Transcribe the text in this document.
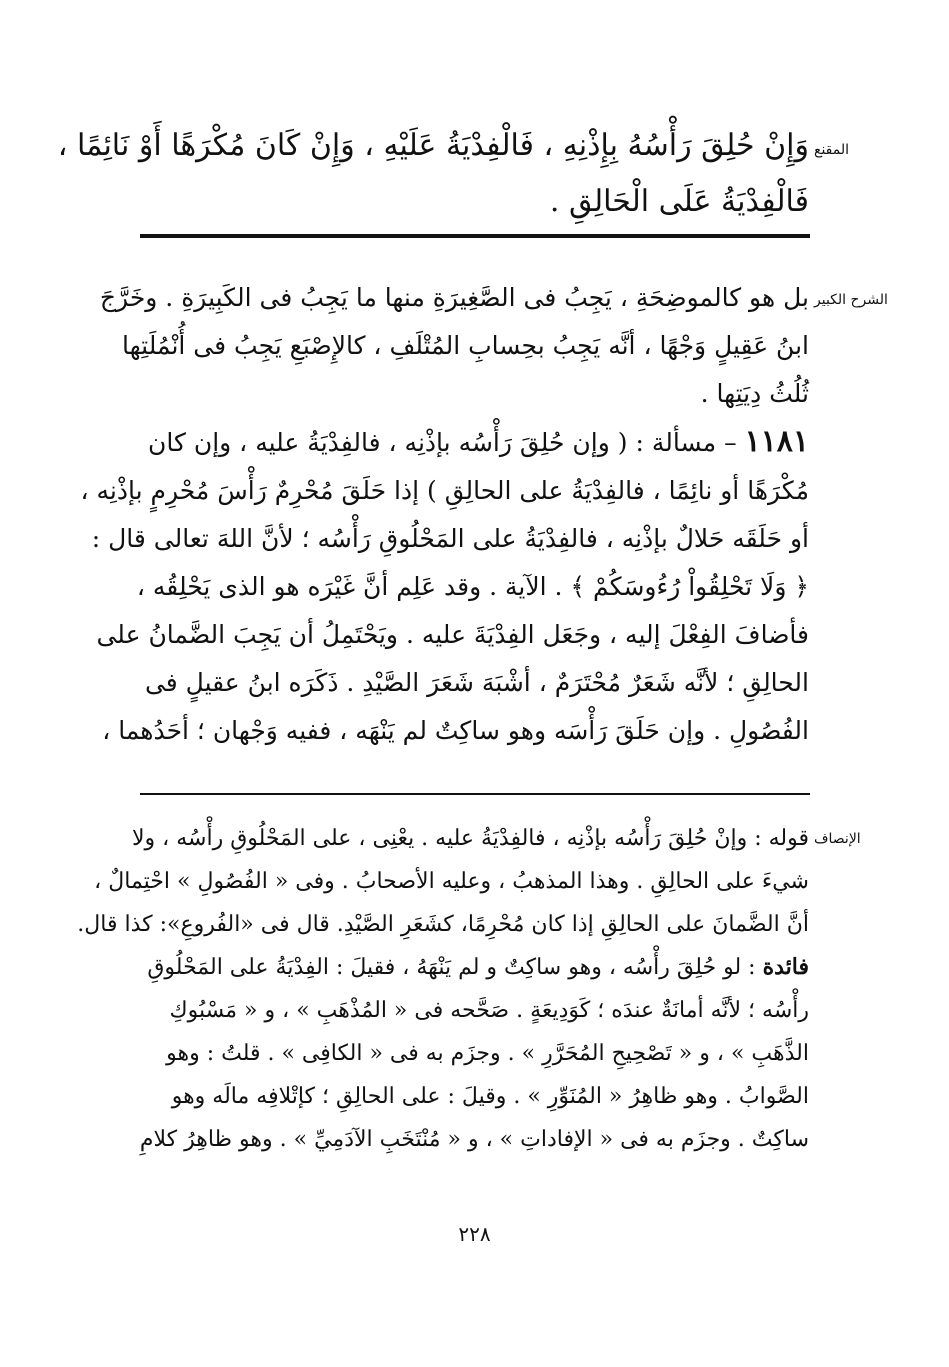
المقنع
وَإِنْ حُلِقَ رَأْسُهُ بِإِذْنِهِ ، فَالْفِدْيَةُ عَلَيْهِ ، وَإِنْ كَانَ مُكْرَهًا أَوْ نَائِمًا ،
فَالْفِدْيَةُ عَلَى الْحَالِقِ .
الشرح الكبير
بل هو كالموضِحَةِ ، يَجِبُ فى الصَّغِيرَةِ منها ما يَجِبُ فى الكَبِيرَةِ . وخَرَّجَ
ابنُ عَقِيلٍ وَجْهًا ، أنَّه يَجِبُ بحِسابِ المُتْلَفِ ، كالإِصْبَعِ يَجِبُ فى أُنْمُلَتِها
ثُلُثُ دِيَتِها .
١١٨١ – مسألة : ( وإن حُلِقَ رَأْسُه بإذْنِه ، فالفِدْيَةُ عليه ، وإن كان
مُكْرَهًا أو نائِمًا ، فالفِدْيَةُ على الحالِقِ ) إذا حَلَقَ مُحْرِمٌ رَأْسَ مُحْرِمٍ بإذْنِه ،
أو حَلَقَه حَلالٌ بإذْنِه ، فالفِدْيَةُ على المَحْلُوقِ رَأْسُه ؛ لأنَّ اللهَ تعالى قال :
﴿ وَلَا تَحْلِقُواْ رُءُوسَكُمْ ﴾ . الآية . وقد عَلِم أنَّ غَيْرَه هو الذى يَحْلِقُه ،
فأضافَ الفِعْلَ إليه ، وجَعَل الفِدْيَةَ عليه . ويَحْتَمِلُ أن يَجِبَ الضَّمانُ على
الحالِقِ ؛ لأنَّه شَعَرٌ مُحْتَرَمٌ ، أشْبَهَ شَعَرَ الصَّيْدِ . ذَكَرَه ابنُ عقيلٍ فى
الفُصُولِ . وإن حَلَقَ رَأْسَه وهو ساكِتٌ لم يَنْهَه ، ففيه وَجْهان ؛ أحَدُهما ،
الإنصاف
قوله : وإنْ حُلِقَ رَأْسُه بإذْنِه ، فالفِدْيَةُ عليه . يعْنِى ، على المَحْلُوقِ رأْسُه ، ولا
شيءَ على الحالِقِ . وهذا المذهبُ ، وعليه الأصحابُ . وفى « الفُصُولِ » احْتِمالٌ ،
أنَّ الضَّمانَ على الحالِقِ إذا كان مُحْرِمًا، كشَعَرِ الصَّيْدِ. قال فى «الفُروعِ»: كذا قال.
فائدة : لو حُلِقَ رأْسُه ، وهو ساكِتٌ و لم يَنْهَهُ ، فقيلَ : الفِدْيَةُ على المَحْلُوقِ
رأْسُه ؛ لأنَّه أمانَةٌ عندَه ؛ كَوَدِيعَةٍ . صَحَّحه فى « المُذْهَبِ » ، و « مَسْبُوكِ
الذَّهَبِ » ، و « تَصْحِيحِ المُحَرَّرِ » . وجزَم به فى « الكافِى » . قلتُ : وهو
الصَّوابُ . وهو ظاهِرُ « المُنَوِّرِ » . وقيلَ : على الحالِقِ ؛ كإتْلافِه مالَه وهو
ساكِتٌ . وجزَم به فى « الإفاداتِ » ، و « مُنْتَخَبِ الآدَمِيِّ » . وهو ظاهِرُ كلامِ
٢٢٨
